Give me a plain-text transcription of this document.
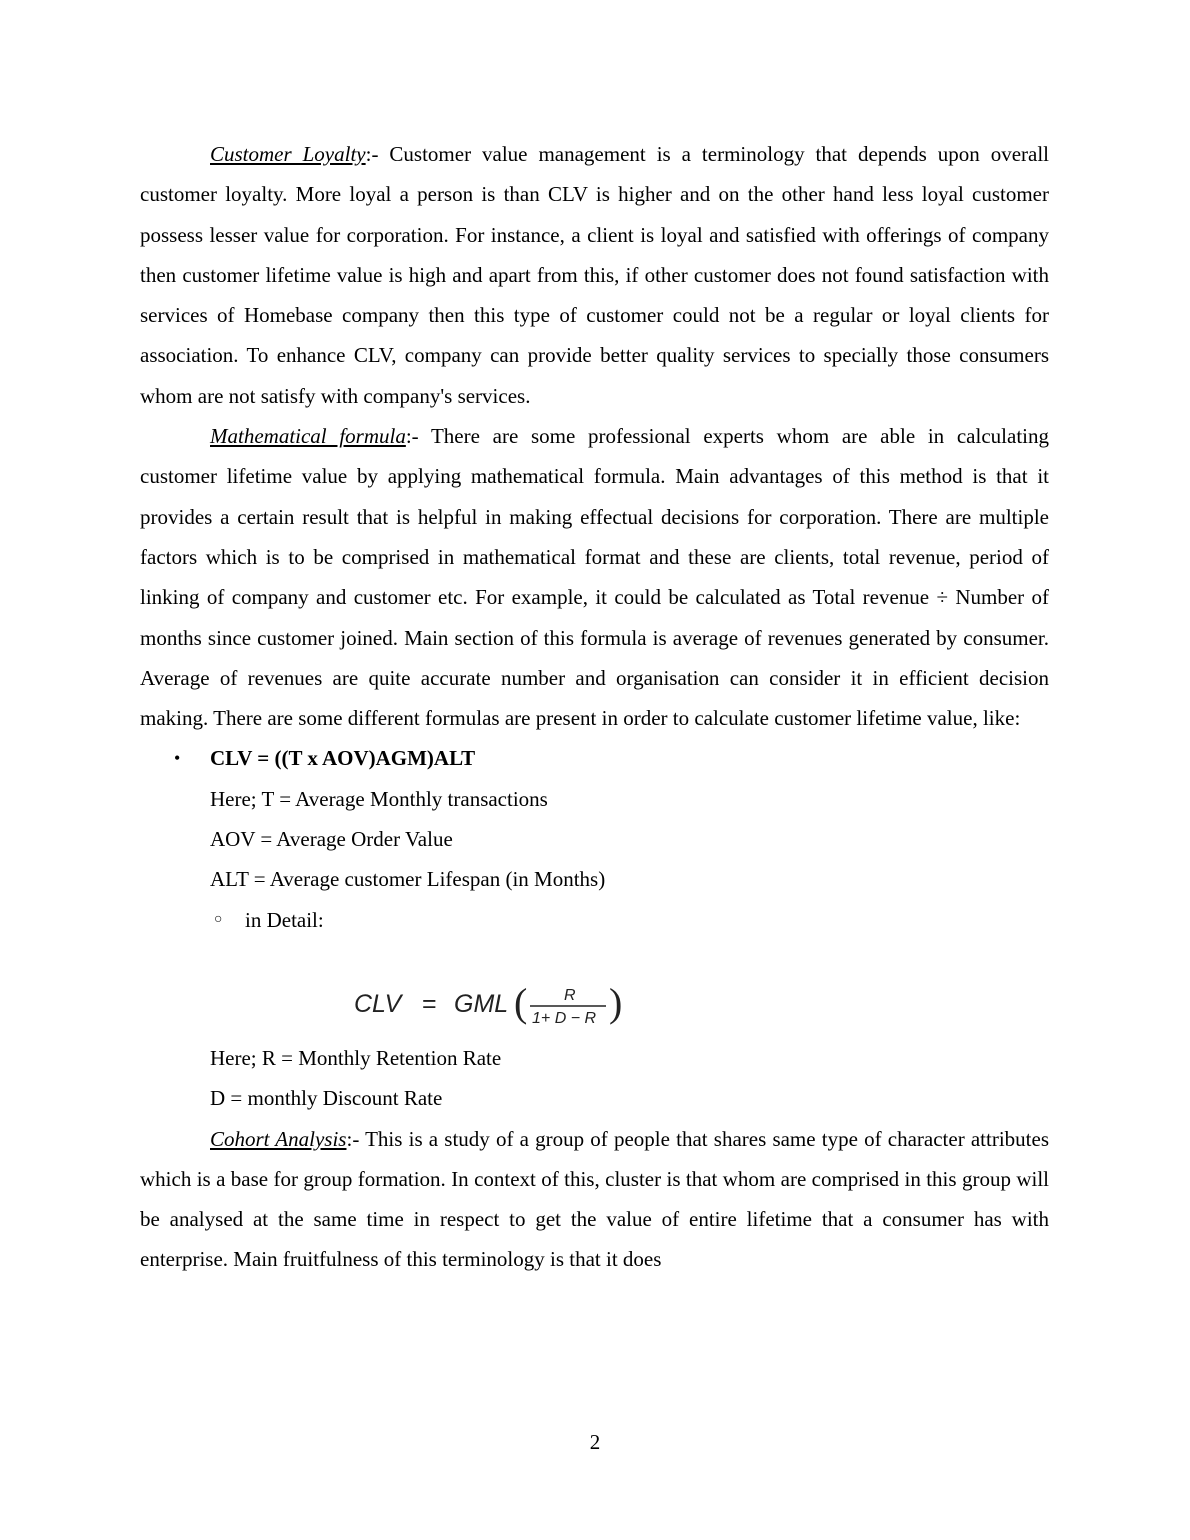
Customer Loyalty:- Customer value management is a terminology that depends upon overall customer loyalty. More loyal a person is than CLV is higher and on the other hand less loyal customer possess lesser value for corporation. For instance, a client is loyal and satisfied with offerings of company then customer lifetime value is high and apart from this, if other customer does not found satisfaction with services of Homebase company then this type of customer could not be a regular or loyal clients for association. To enhance CLV, company can provide better quality services to specially those consumers whom are not satisfy with company's services.

Mathematical formula:- There are some professional experts whom are able in calculating customer lifetime value by applying mathematical formula. Main advantages of this method is that it provides a certain result that is helpful in making effectual decisions for corporation. There are multiple factors which is to be comprised in mathematical format and these are clients, total revenue, period of linking of company and customer etc. For example, it could be calculated as Total revenue ÷ Number of months since customer joined. Main section of this formula is average of revenues generated by consumer. Average of revenues are quite accurate number and organisation can consider it in efficient decision making. There are some different formulas are present in order to calculate customer lifetime value, like:

• CLV = ((T x AOV)AGM)ALT

Here; T = Average Monthly transactions

AOV = Average Order Value

ALT = Average customer Lifespan (in Months)

○ in Detail:

CLV = GML ( R
1+ D − R )

Here; R = Monthly Retention Rate

D = monthly Discount Rate

Cohort Analysis:- This is a study of a group of people that shares same type of character attributes which is a base for group formation. In context of this, cluster is that whom are comprised in this group will be analysed at the same time in respect to get the value of entire lifetime that a consumer has with enterprise. Main fruitfulness of this terminology is that it does

2
